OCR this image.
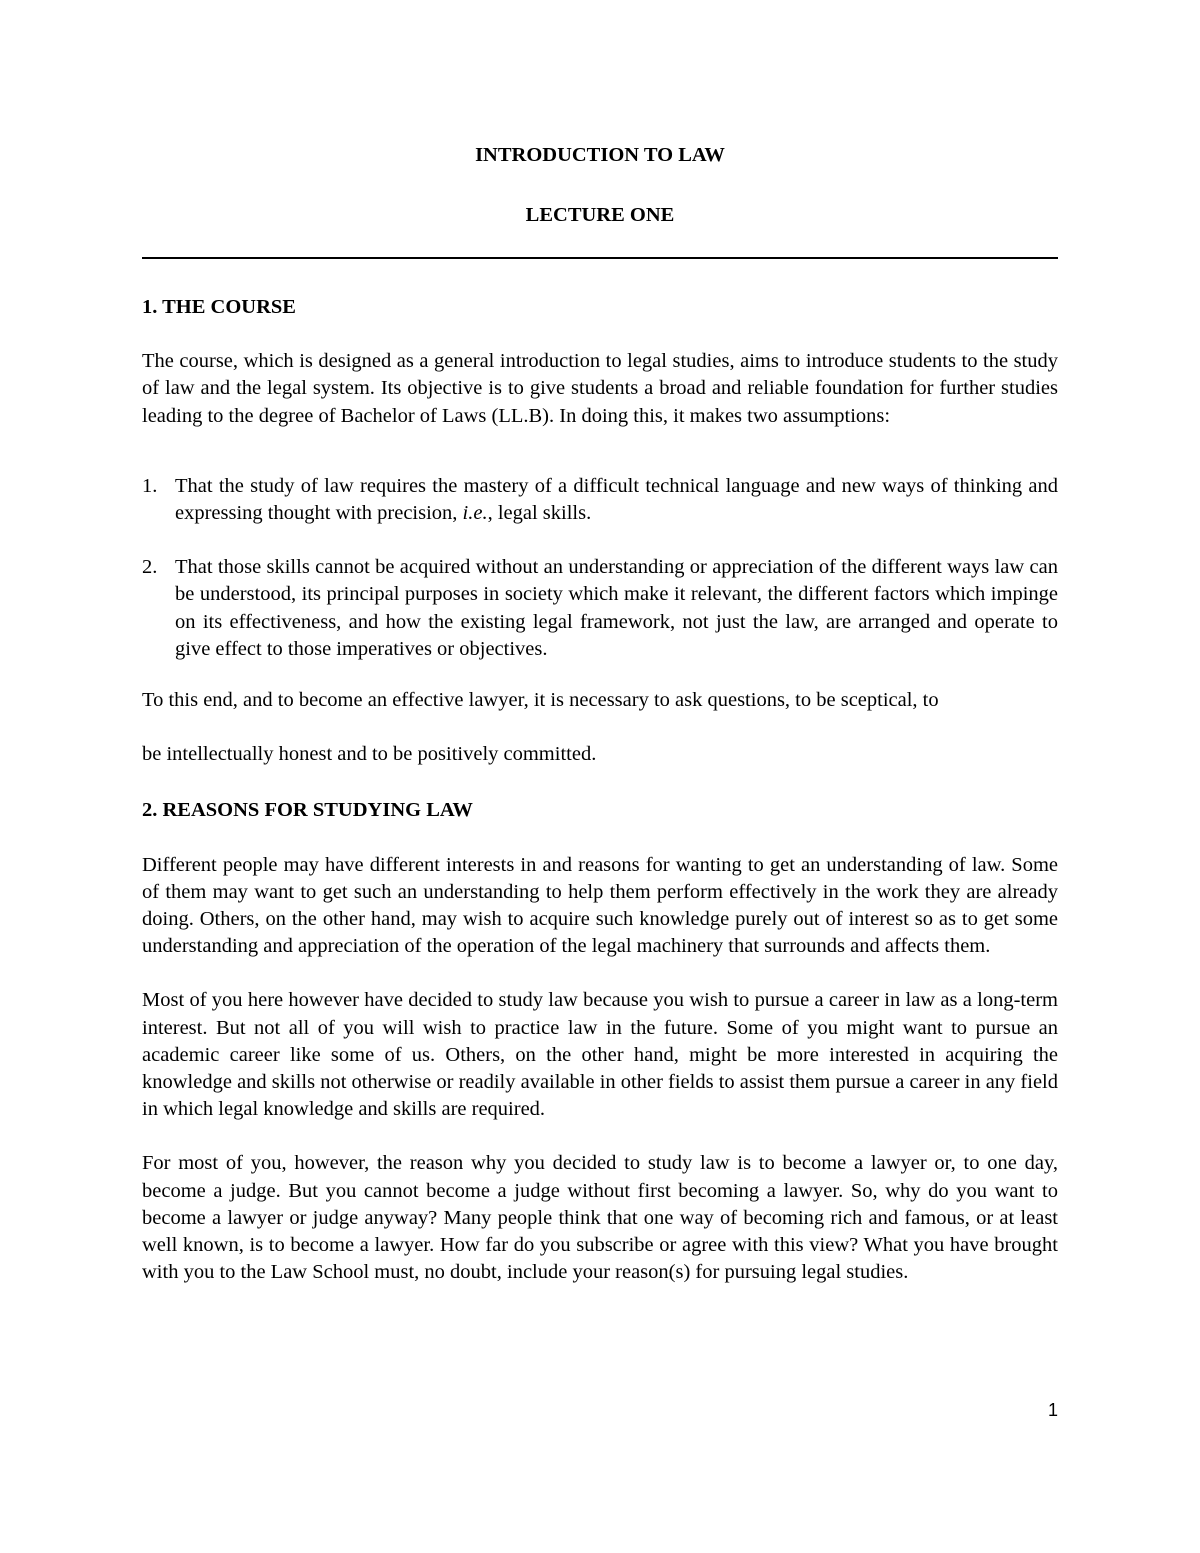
INTRODUCTION TO LAW

LECTURE ONE

1. THE COURSE

The course, which is designed as a general introduction to legal studies, aims to introduce students to the study of law and the legal system. Its objective is to give students a broad and reliable foundation for further studies leading to the degree of Bachelor of Laws (LL.B). In doing this, it makes two assumptions:

1. That the study of law requires the mastery of a difficult technical language and new ways of thinking and expressing thought with precision, i.e., legal skills.
2. That those skills cannot be acquired without an understanding or appreciation of the different ways law can be understood, its principal purposes in society which make it relevant, the different factors which impinge on its effectiveness, and how the existing legal framework, not just the law, are arranged and operate to give effect to those imperatives or objectives.

To this end, and to become an effective lawyer, it is necessary to ask questions, to be sceptical, to

be intellectually honest and to be positively committed.

2. REASONS FOR STUDYING LAW

Different people may have different interests in and reasons for wanting to get an understanding of law. Some of them may want to get such an understanding to help them perform effectively in the work they are already doing. Others, on the other hand, may wish to acquire such knowledge purely out of interest so as to get some understanding and appreciation of the operation of the legal machinery that surrounds and affects them.

Most of you here however have decided to study law because you wish to pursue a career in law as a long-term interest. But not all of you will wish to practice law in the future. Some of you might want to pursue an academic career like some of us. Others, on the other hand, might be more interested in acquiring the knowledge and skills not otherwise or readily available in other fields to assist them pursue a career in any field in which legal knowledge and skills are required.

For most of you, however, the reason why you decided to study law is to become a lawyer or, to one day, become a judge. But you cannot become a judge without first becoming a lawyer. So, why do you want to become a lawyer or judge anyway? Many people think that one way of becoming rich and famous, or at least well known, is to become a lawyer. How far do you subscribe or agree with this view? What you have brought with you to the Law School must, no doubt, include your reason(s) for pursuing legal studies.

1
